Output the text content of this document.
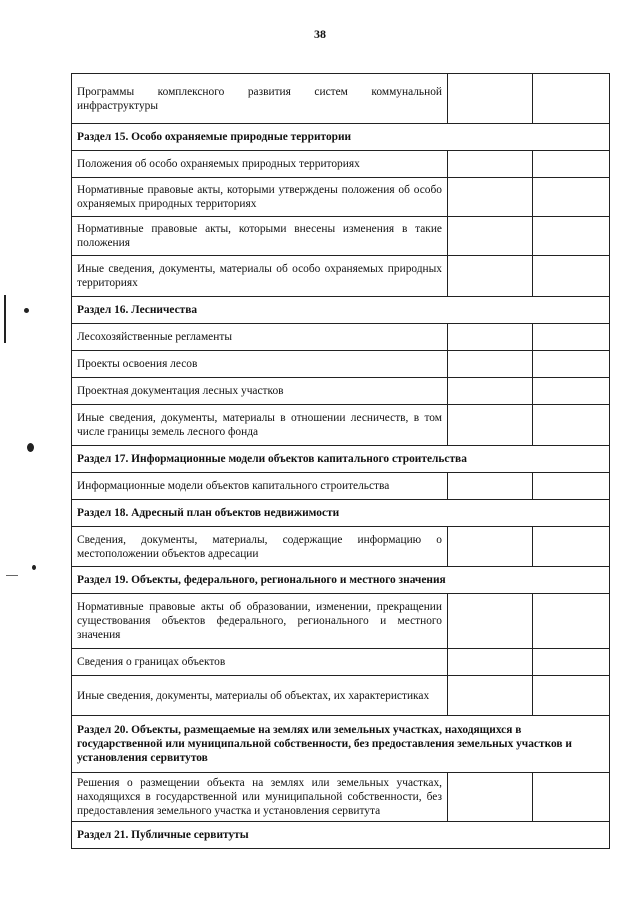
38
Программы комплексного развития систем коммунальной инфраструктуры		
Раздел 15. Особо охраняемые природные территории		
Положения об особо охраняемых природных территориях		
Нормативные правовые акты, которыми утверждены положения об особо охраняемых природных территориях		
Нормативные правовые акты, которыми внесены изменения в такие положения		
Иные сведения, документы, материалы об особо охраняемых природных территориях		
Раздел 16. Лесничества		
Лесохозяйственные регламенты		
Проекты освоения лесов		
Проектная документация лесных участков		
Иные сведения, документы, материалы в отношении лесничеств, в том числе границы земель лесного фонда		
Раздел 17. Информационные модели объектов капитального строительства		
Информационные модели объектов капитального строительства		
Раздел 18. Адресный план объектов недвижимости		
Сведения, документы, материалы, содержащие информацию о местоположении объектов адресации		
Раздел 19. Объекты, федерального, регионального и местного значения		
Нормативные правовые акты об образовании, изменении, прекращении существования объектов федерального, регионального и местного значения		
Сведения о границах объектов		
Иные сведения, документы, материалы об объектах, их характеристиках		
Раздел 20. Объекты, размещаемые на землях или земельных участках, находящихся в государственной или муниципальной собственности, без предоставления земельных участков и установления сервитутов		
Решения о размещении объекта на землях или земельных участках, находящихся в государственной или муниципальной собственности, без предоставления земельного участка и установления сервитута		
Раздел 21. Публичные сервитуты		
